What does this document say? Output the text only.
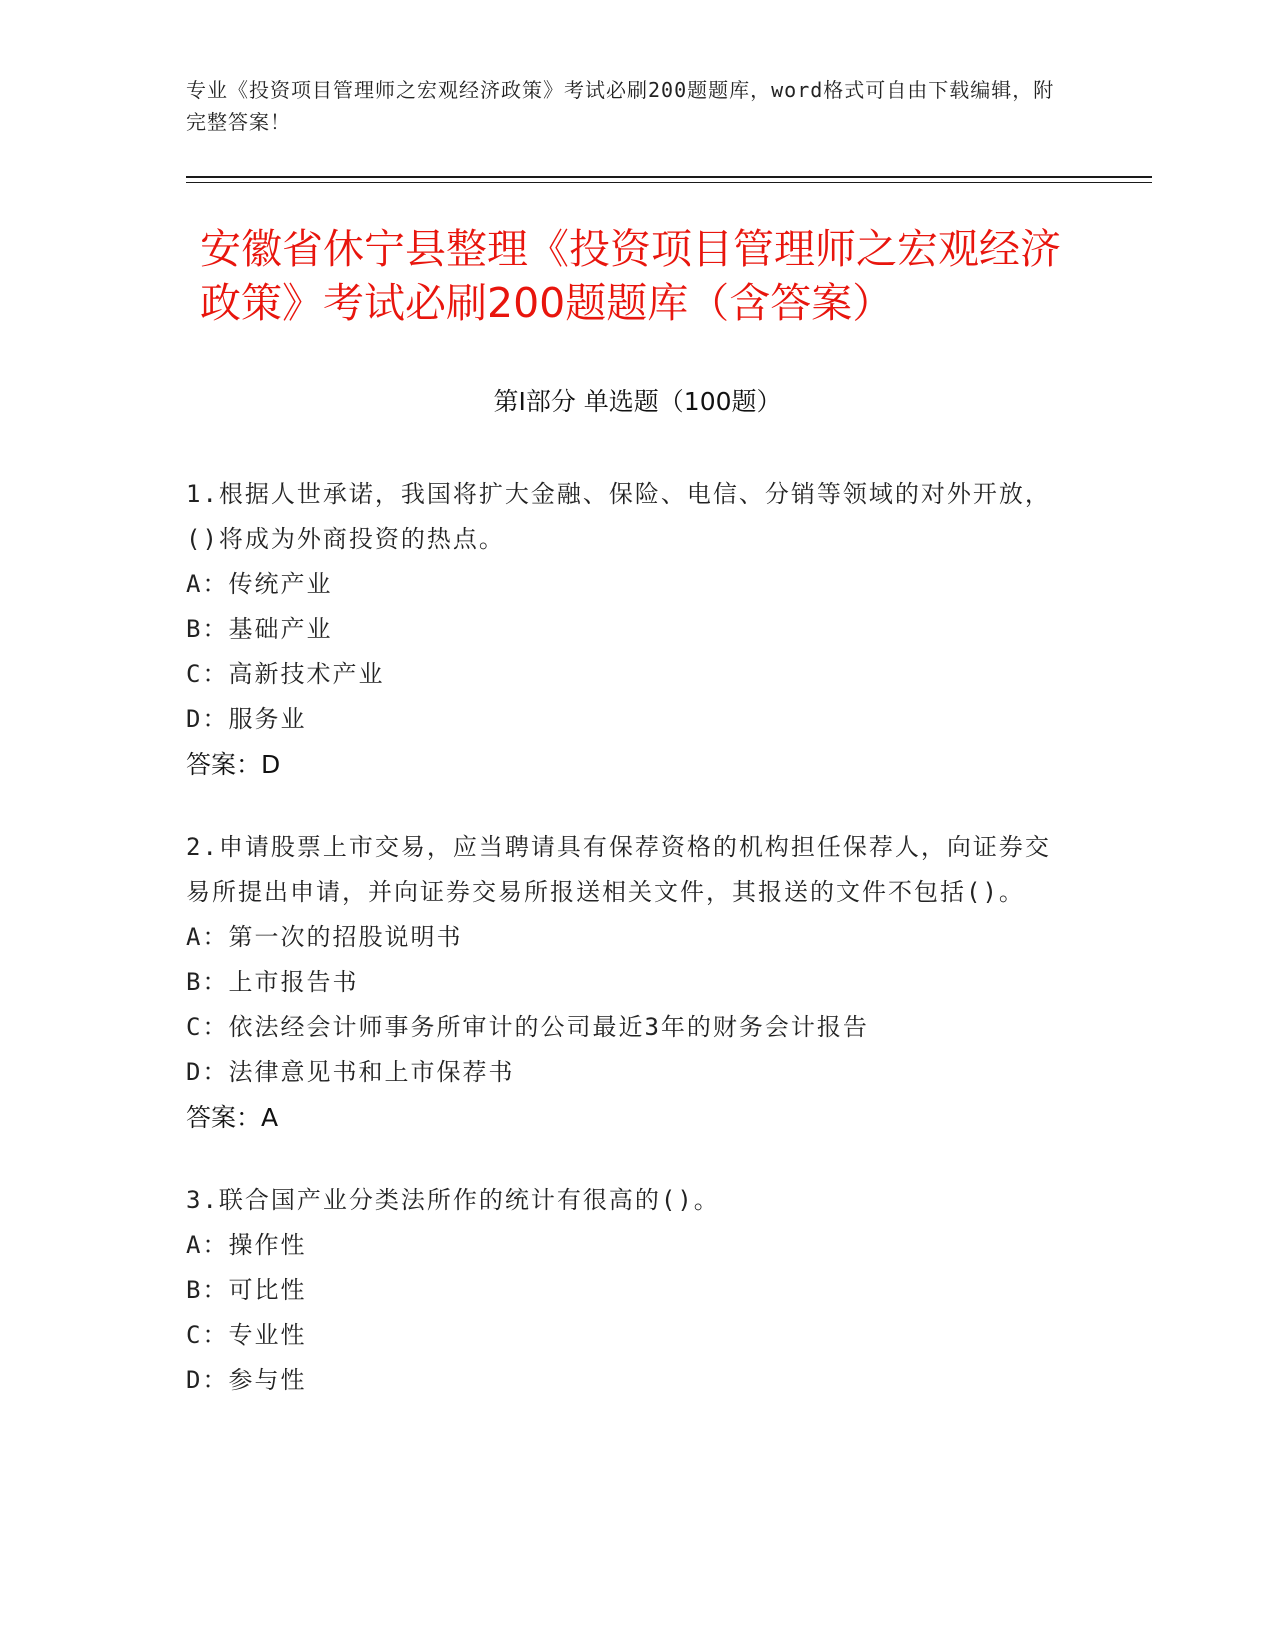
专业《投资项目管理师之宏观经济政策》考试必刷200题题库，word格式可自由下载编辑，附完整答案！
安徽省休宁县整理《投资项目管理师之宏观经济政策》考试必刷200题题库（含答案）
第Ⅰ部分 单选题（100题）
1.根据人世承诺，我国将扩大金融、保险、电信、分销等领域的对外开放，()将成为外商投资的热点。
A：传统产业
B：基础产业
C：高新技术产业
D：服务业
答案：D
2.申请股票上市交易，应当聘请具有保荐资格的机构担任保荐人，向证券交易所提出申请，并向证券交易所报送相关文件，其报送的文件不包括()。
A：第一次的招股说明书
B：上市报告书
C：依法经会计师事务所审计的公司最近3年的财务会计报告
D：法律意见书和上市保荐书
答案：A
3.联合国产业分类法所作的统计有很高的()。
A：操作性
B：可比性
C：专业性
D：参与性
